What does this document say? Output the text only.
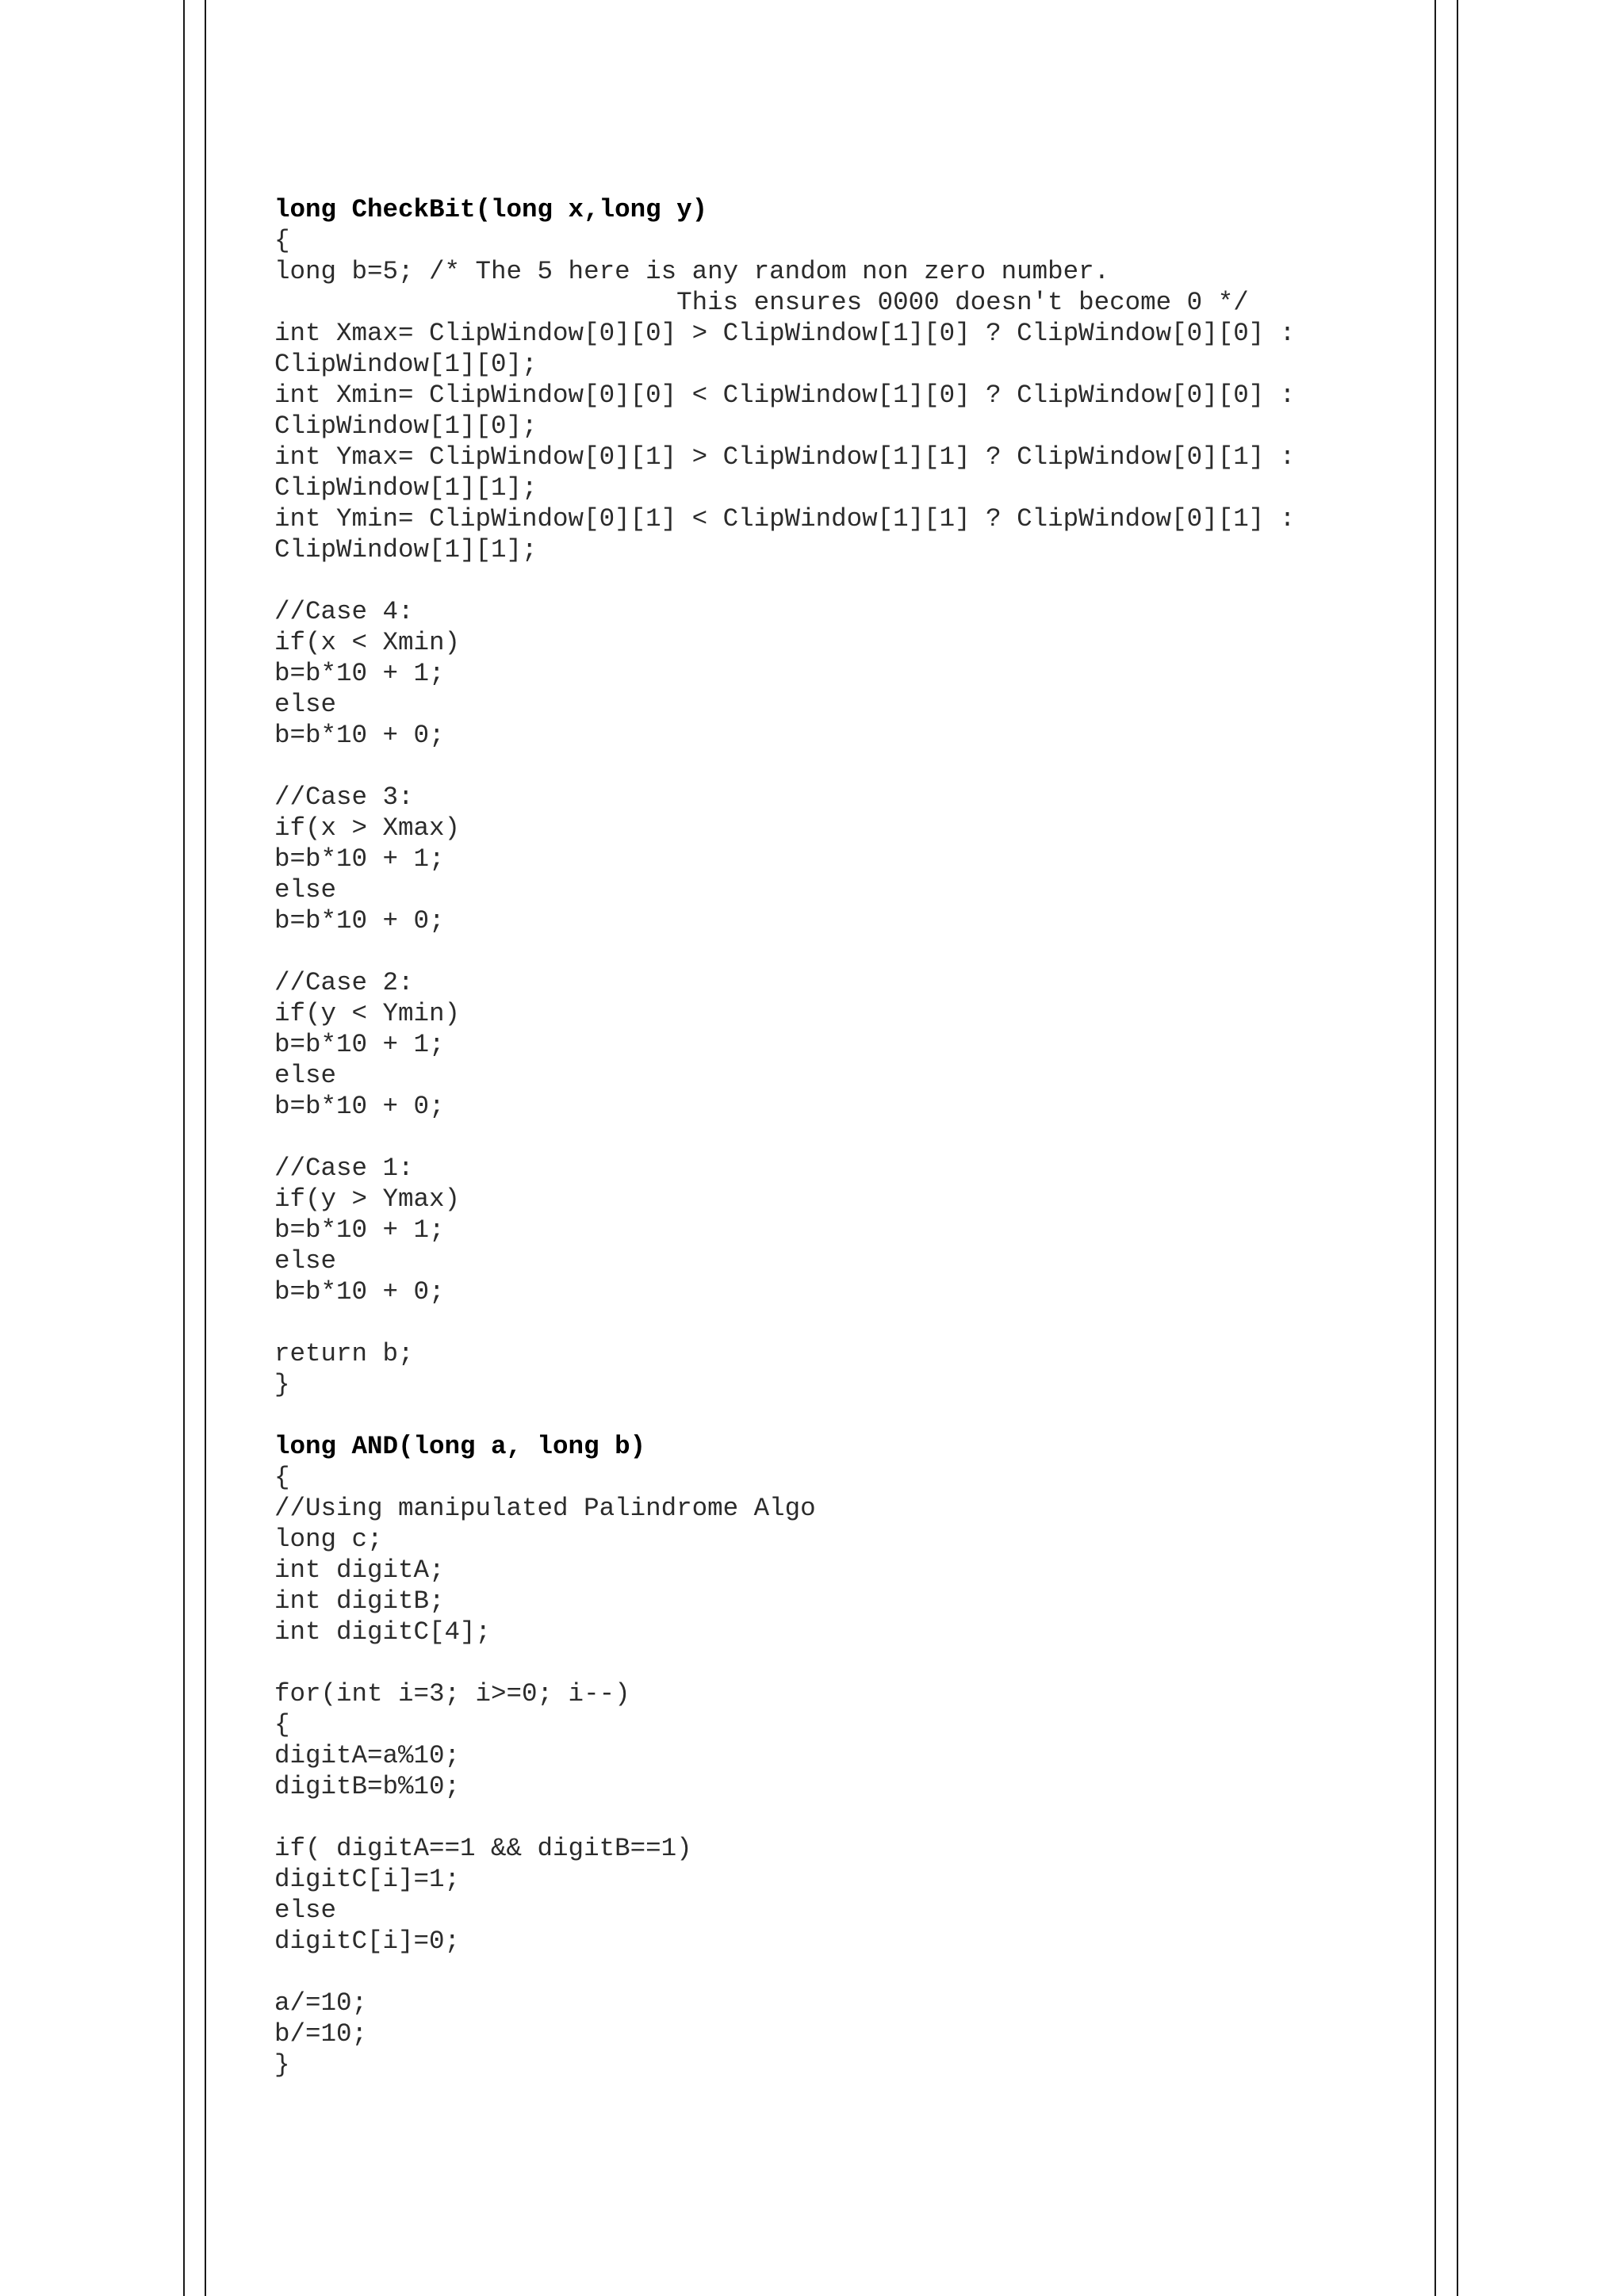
long CheckBit(long x,long y)
{
long b=5; /* The 5 here is any random non zero number.
This ensures 0000 doesn't become 0 */
int Xmax= ClipWindow[0][0] > ClipWindow[1][0] ? ClipWindow[0][0] :
ClipWindow[1][0];
int Xmin= ClipWindow[0][0] < ClipWindow[1][0] ? ClipWindow[0][0] :
ClipWindow[1][0];
int Ymax= ClipWindow[0][1] > ClipWindow[1][1] ? ClipWindow[0][1] :
ClipWindow[1][1];
int Ymin= ClipWindow[0][1] < ClipWindow[1][1] ? ClipWindow[0][1] :
ClipWindow[1][1];
//Case 4:
if(x < Xmin)
b=b*10 + 1;
else
b=b*10 + 0;
//Case 3:
if(x > Xmax)
b=b*10 + 1;
else
b=b*10 + 0;
//Case 2:
if(y < Ymin)
b=b*10 + 1;
else
b=b*10 + 0;
//Case 1:
if(y > Ymax)
b=b*10 + 1;
else
b=b*10 + 0;
return b;
}
long AND(long a, long b)
{
//Using manipulated Palindrome Algo
long c;
int digitA;
int digitB;
int digitC[4];
for(int i=3; i>=0; i--)
{
digitA=a%10;
digitB=b%10;
if( digitA==1 && digitB==1)
digitC[i]=1;
else
digitC[i]=0;
a/=10;
b/=10;
}
